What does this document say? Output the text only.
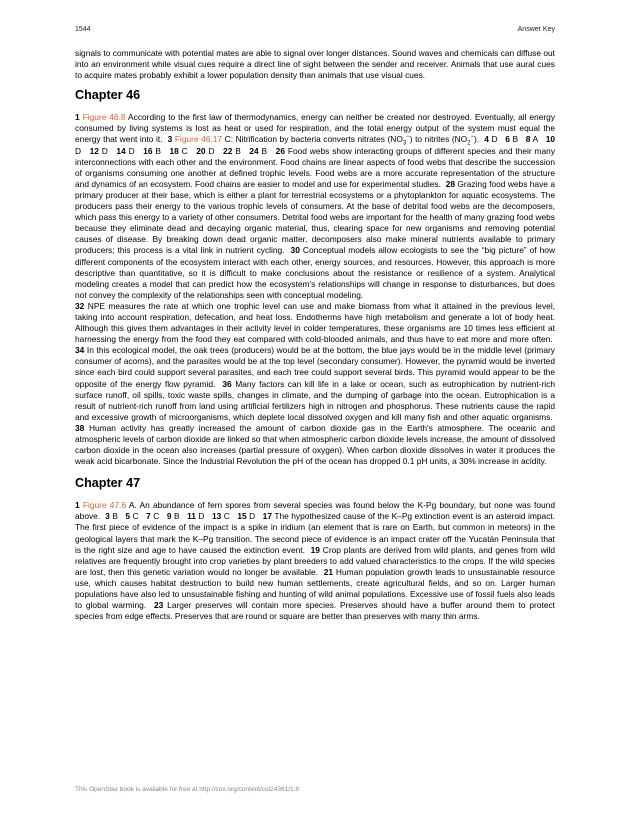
1544	Answer Key

signals to communicate with potential mates are able to signal over longer distances. Sound waves and chemicals can diffuse out into an environment while visual cues require a direct line of sight between the sender and receiver. Animals that use aural cues to acquire mates probably exhibit a lower population density than animals that use visual cues.

Chapter 46

1 Figure 46.8 According to the first law of thermodynamics, energy can neither be created nor destroyed. Eventually, all energy consumed by living systems is lost as heat or used for respiration, and the total energy output of the system must equal the energy that went into it. 3 Figure 46.17 C: Nitrification by bacteria converts nitrates $(NO_3^-)$ to nitrites $(NO_2^-)$. 4 D 6 B 8 A 10 D 12 D 14 D 16 B 18 C 20 D 22 B 24 B 26 Food webs show interacting groups of different species and their many interconnections with each other and the environment. Food chains are linear aspects of food webs that describe the succession of organisms consuming one another at defined trophic levels. Food webs are a more accurate representation of the structure and dynamics of an ecosystem. Food chains are easier to model and use for experimental studies. 28 Grazing food webs have a primary producer at their base, which is either a plant for terrestrial ecosystems or a phytoplankton for aquatic ecosystems. The producers pass their energy to the various trophic levels of consumers. At the base of detrital food webs are the decomposers, which pass this energy to a variety of other consumers. Detrital food webs are important for the health of many grazing food webs because they eliminate dead and decaying organic material, thus, clearing space for new organisms and removing potential causes of disease. By breaking down dead organic matter, decomposers also make mineral nutrients available to primary producers; this process is a vital link in nutrient cycling. 30 Conceptual models allow ecologists to see the “big picture” of how different components of the ecosystem interact with each other, energy sources, and resources. However, this approach is more descriptive than quantitative, so it is difficult to make conclusions about the resistance or resilience of a system. Analytical modeling creates a model that can predict how the ecosystem's relationships will change in response to disturbances, but does not convey the complexity of the relationships seen with conceptual modeling.
32 NPE measures the rate at which one trophic level can use and make biomass from what it attained in the previous level, taking into account respiration, defecation, and heat loss. Endotherms have high metabolism and generate a lot of body heat. Although this gives them advantages in their activity level in colder temperatures, these organisms are 10 times less efficient at harnessing the energy from the food they eat compared with cold-blooded animals, and thus have to eat more and more often.  34 In this ecological model, the oak trees (producers) would be at the bottom, the blue jays would be in the middle level (primary consumer of acorns), and the parasites would be at the top level (secondary consumer). However, the pyramid would be inverted since each bird could support several parasites, and each tree could support several birds. This pyramid would appear to be the opposite of the energy flow pyramid. 36 Many factors can kill life in a lake or ocean, such as eutrophication by nutrient-rich surface runoff, oil spills, toxic waste spills, changes in climate, and the dumping of garbage into the ocean. Eutrophication is a result of nutrient-rich runoff from land using artificial fertilizers high in nitrogen and phosphorus. These nutrients cause the rapid and excessive growth of microorganisms, which deplete local dissolved oxygen and kill many fish and other aquatic organisms.  38 Human activity has greatly increased the amount of carbon dioxide gas in the Earth's atmosphere. The oceanic and atmospheric levels of carbon dioxide are linked so that when atmospheric carbon dioxide levels increase, the amount of dissolved carbon dioxide in the ocean also increases (partial pressure of oxygen). When carbon dioxide dissolves in water it produces the weak acid bicarbonate. Since the Industrial Revolution the pH of the ocean has dropped 0.1 pH units, a 30% increase in acidity.

Chapter 47

1 Figure 47.6 A. An abundance of fern spores from several species was found below the K-Pg boundary, but none was found above. 3 B 5 C 7 C 9 B 11 D 13 C 15 D 17 The hypothesized cause of the K–Pg extinction event is an asteroid impact. The first piece of evidence of the impact is a spike in iridium (an element that is rare on Earth, but common in meteors) in the geological layers that mark the K–Pg transition. The second piece of evidence is an impact crater off the Yucatán Peninsula that is the right size and age to have caused the extinction event. 19 Crop plants are derived from wild plants, and genes from wild relatives are frequently brought into crop varieties by plant breeders to add valued characteristics to the crops. If the wild species are lost, then this genetic variation would no longer be available. 21 Human population growth leads to unsustainable resource use, which causes habitat destruction to build new human settlements, create agricultural fields, and so on. Larger human populations have also led to unsustainable fishing and hunting of wild animal populations. Excessive use of fossil fuels also leads to global warming. 23 Larger preserves will contain more species. Preserves should have a buffer around them to protect species from edge effects. Preserves that are round or square are better than preserves with many thin arms.

This OpenStax book is available for free at http://cnx.org/content/col24361/1.8
